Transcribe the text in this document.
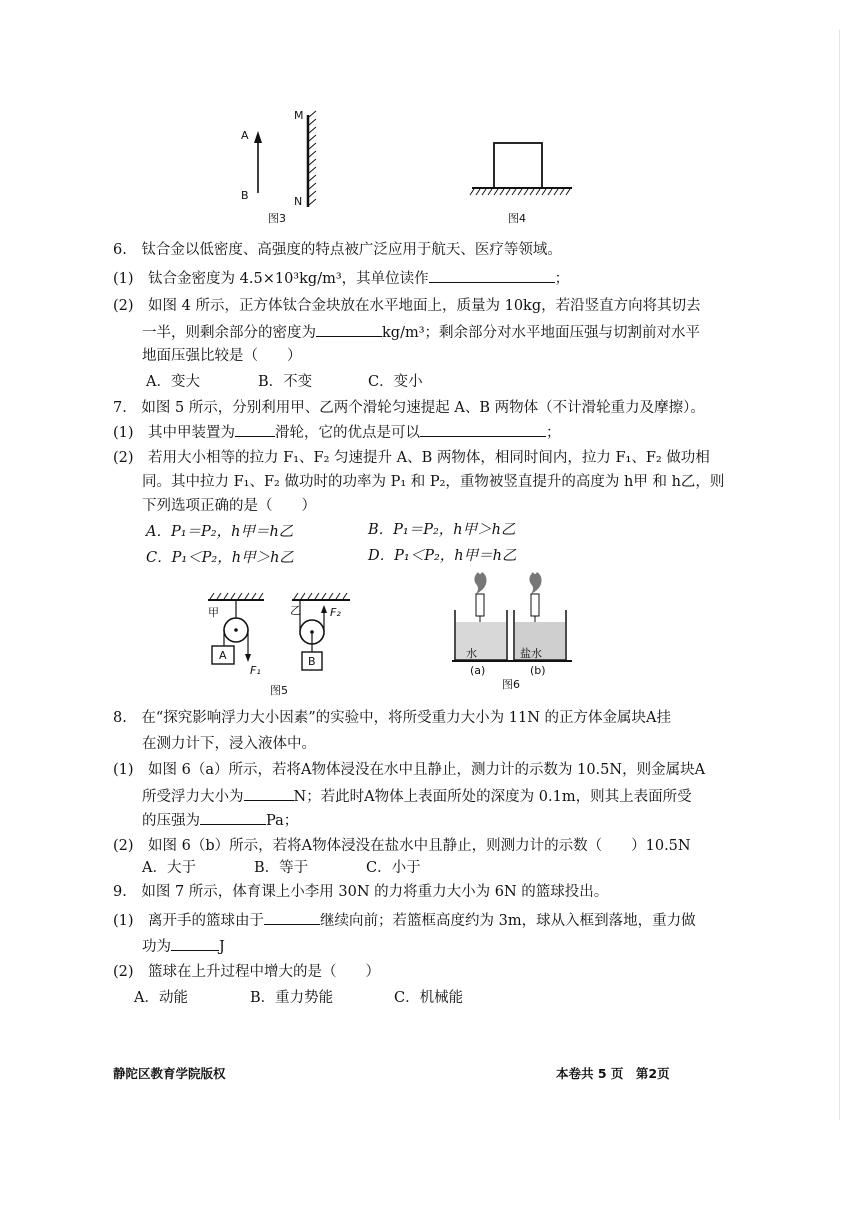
A
B
M
N
图3	图4
6.　钛合金以低密度、高强度的特点被广泛应用于航天、医疗等领域。
(1)　钛合金密度为 4.5×10³kg/m³，其单位读作	；
(2)　如图 4 所示，正方体钛合金块放在水平地面上，质量为 10kg，若沿竖直方向将其切去
一半，则剩余部分的密度为	kg/m³；剩余部分对水平地面压强与切割前对水平
地面压强比较是（　　）
A．变大	B．不变	C．变小
7.　如图 5 所示，分别利用甲、乙两个滑轮匀速提起 A、B 两物体（不计滑轮重力及摩擦）。
(1)　其中甲装置为	滑轮，它的优点是可以	；
(2)　若用大小相等的拉力 F₁、F₂ 匀速提升 A、B 两物体，相同时间内，拉力 F₁、F₂ 做功相
同。其中拉力 F₁、F₂ 做功时的功率为 P₁ 和 P₂，重物被竖直提升的高度为 h甲 和 h乙，则
下列选项正确的是（　　）
A．P₁＝P₂，h甲＝h乙	B．P₁＝P₂，h甲＞h乙
C．P₁＜P₂，h甲＞h乙	D．P₁＜P₂，h甲＝h乙
甲	乙
A	B
F₁
F₂
图5
水	盐水
(a)	(b)
图6
8.　在“探究影响浮力大小因素”的实验中，将所受重力大小为 11N 的正方体金属块A挂
在测力计下，浸入液体中。
(1)　如图 6（a）所示，若将A物体浸没在水中且静止，测力计的示数为 10.5N，则金属块A
所受浮力大小为	N；若此时A物体上表面所处的深度为 0.1m，则其上表面所受
的压强为	Pa；
(2)　如图 6（b）所示，若将A物体浸没在盐水中且静止，则测力计的示数（　　）10.5N
A．大于	B．等于	C．小于
9.　如图 7 所示，体育课上小李用 30N 的力将重力大小为 6N 的篮球投出。
(1)　离开手的篮球由于	继续向前；若篮框高度约为 3m，球从入框到落地，重力做
功为	J
(2)　篮球在上升过程中增大的是（　　）
A．动能	B．重力势能	C．机械能
静陀区教育学院版权	本卷共 5 页　第2页
